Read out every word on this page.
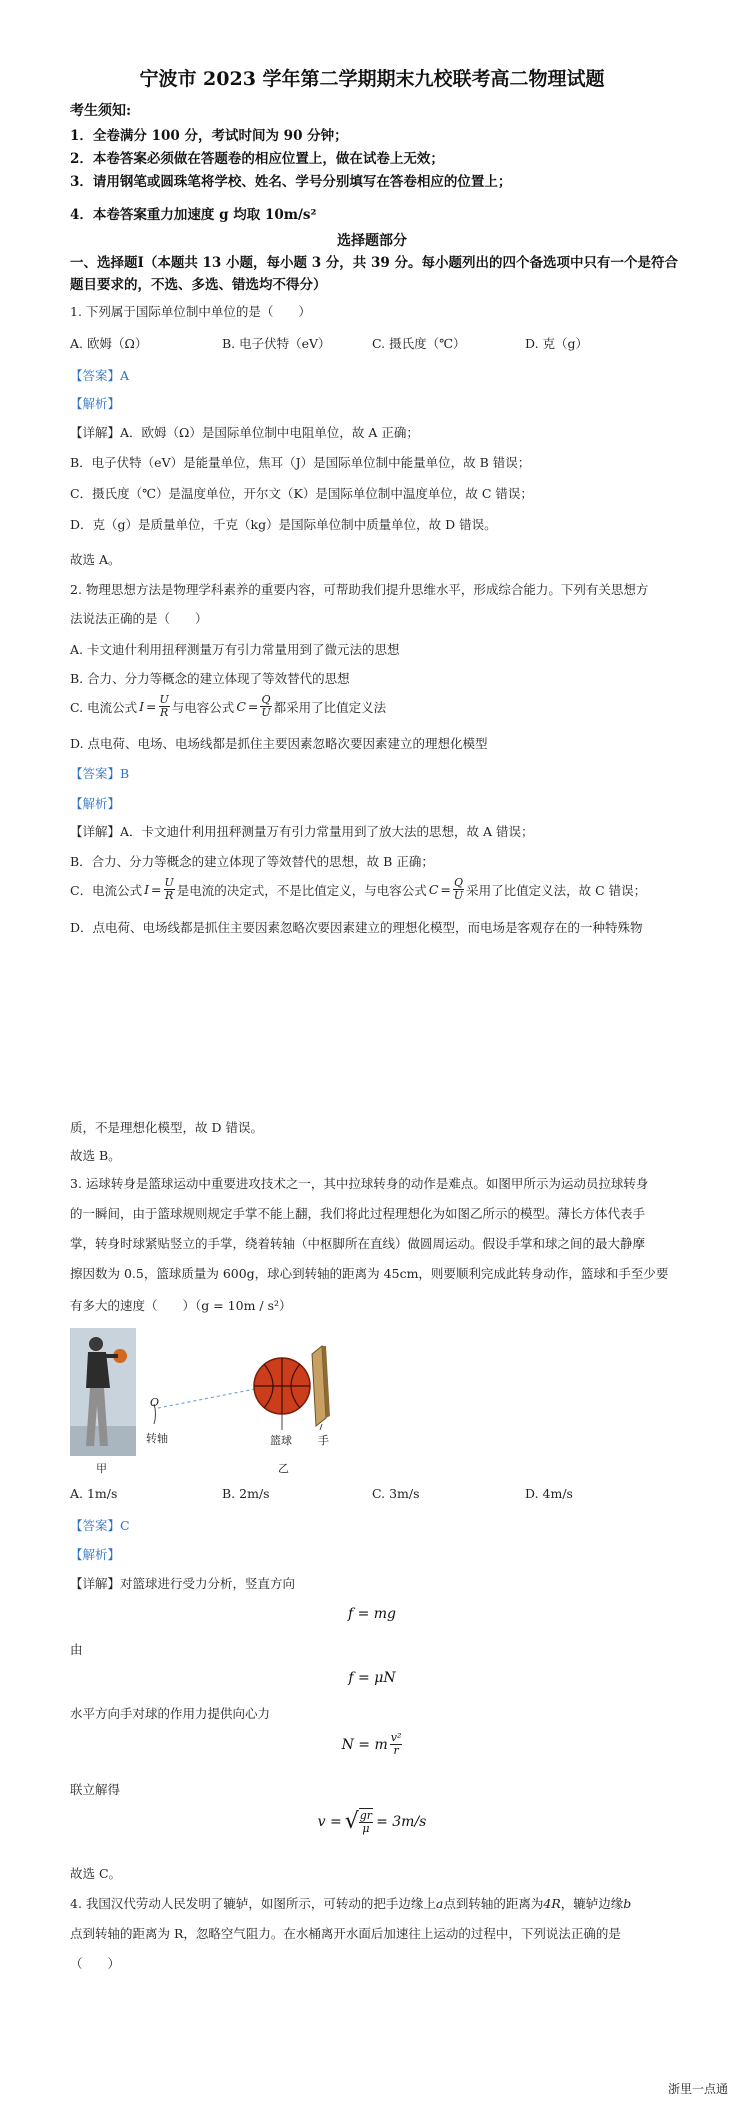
宁波市 2023 学年第二学期期末九校联考高二物理试题
考生须知:
1．全卷满分 100 分，考试时间为 90 分钟；
2．本卷答案必须做在答题卷的相应位置上，做在试卷上无效；
3．请用钢笔或圆珠笔将学校、姓名、学号分别填写在答卷相应的位置上；
4．本卷答案重力加速度 g 均取 10m/s²
选择题部分
一、选择题Ⅰ（本题共 13 小题，每小题 3 分，共 39 分。每小题列出的四个备选项中只有一个是符合题目要求的，不选、多选、错选均不得分）
1. 下列属于国际单位制中单位的是（　　）
A. 欧姆（Ω）	B. 电子伏特（eV）	C. 摄氏度（℃）	D. 克（g）
【答案】A
【解析】
【详解】A．欧姆（Ω）是国际单位制中电阻单位，故 A 正确；
B．电子伏特（eV）是能量单位，焦耳（J）是国际单位制中能量单位，故 B 错误；
C．摄氏度（℃）是温度单位，开尔文（K）是国际单位制中温度单位，故 C 错误；
D．克（g）是质量单位，千克（kg）是国际单位制中质量单位，故 D 错误。
故选 A。
2. 物理思想方法是物理学科素养的重要内容，可帮助我们提升思维水平，形成综合能力。下列有关思想方
法说法正确的是（　　）
A. 卡文迪什利用扭秤测量万有引力常量用到了微元法的思想
B. 合力、分力等概念的建立体现了等效替代的思想
C. 电流公式 $I = \frac{U}{R}$ 与电容公式 $C = \frac{Q}{U}$ 都采用了比值定义法
D. 点电荷、电场、电场线都是抓住主要因素忽略次要因素建立的理想化模型
【答案】B
【解析】
【详解】A．卡文迪什利用扭秤测量万有引力常量用到了放大法的思想，故 A 错误；
B．合力、分力等概念的建立体现了等效替代的思想，故 B 正确；
C．电流公式 $I = \frac{U}{R}$ 是电流的决定式，不是比值定义，与电容公式 $C = \frac{Q}{U}$ 采用了比值定义法，故 C 错误；
D．点电荷、电场线都是抓住主要因素忽略次要因素建立的理想化模型，而电场是客观存在的一种特殊物
质，不是理想化模型，故 D 错误。
故选 B。
3. 运球转身是篮球运动中重要进攻技术之一，其中拉球转身的动作是难点。如图甲所示为运动员拉球转身
的一瞬间，由于篮球规则规定手掌不能上翻，我们将此过程理想化为如图乙所示的模型。薄长方体代表手
掌，转身时球紧贴竖立的手掌，绕着转轴（中枢脚所在直线）做圆周运动。假设手掌和球之间的最大静摩
擦因数为 0.5，篮球质量为 600g，球心到转轴的距离为 45cm，则要顺利完成此转身动作，篮球和手至少要
有多大的速度（　　）（g = 10m / s²）
O
转轴	篮球 手
甲	乙
A. 1m/s	B. 2m/s	C. 3m/s	D. 4m/s
【答案】C
【解析】
【详解】对篮球进行受力分析，竖直方向
f = mg
由
f = μN
水平方向手对球的作用力提供向心力
N = m $\frac{\text{v²}}{r}$
联立解得
v = √ $\frac{gr}{\mu} = 3m/s$
故选 C。
4. 我国汉代劳动人民发明了辘轳，如图所示，可转动的把手边缘上a点到转轴的距离为4R，辘轳边缘b
点到转轴的距离为 R，忽略空气阻力。在水桶离开水面后加速往上运动的过程中，下列说法正确的是
（　　）
浙里一点通
